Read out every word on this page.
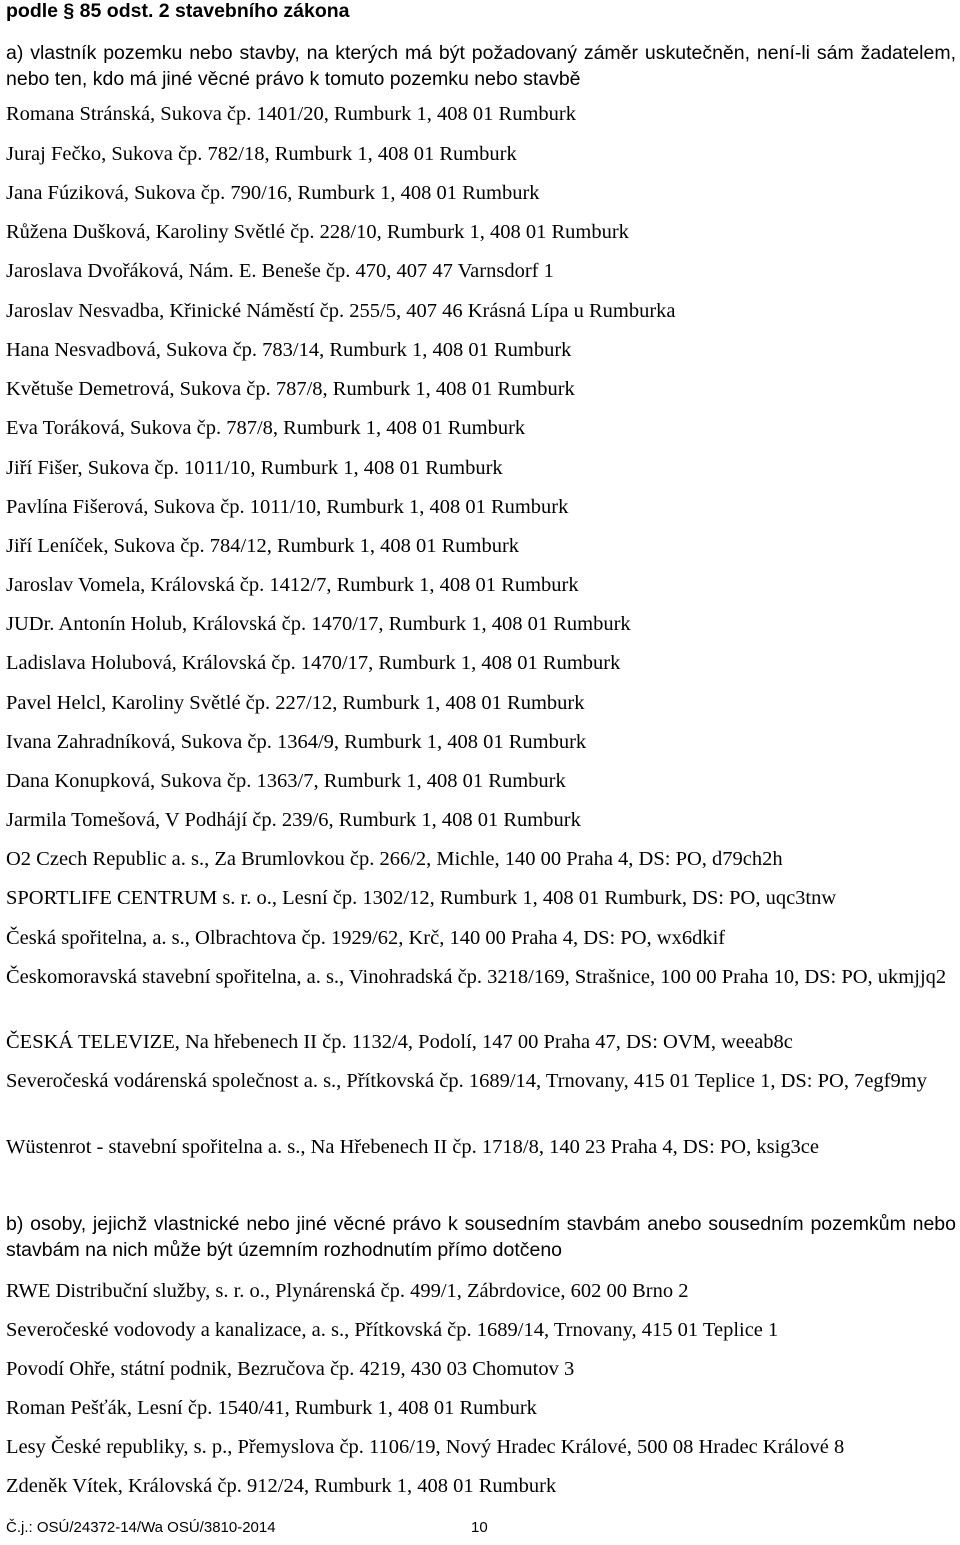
podle § 85 odst. 2 stavebního zákona
a) vlastník pozemku nebo stavby, na kterých má být požadovaný záměr uskutečněn, není-li sám žadatelem, nebo ten, kdo má jiné věcné právo k tomuto pozemku nebo stavbě
Romana Stránská, Sukova čp. 1401/20, Rumburk 1, 408 01 Rumburk
Juraj Fečko, Sukova čp. 782/18, Rumburk 1, 408 01 Rumburk
Jana Fúziková, Sukova čp. 790/16, Rumburk 1, 408 01 Rumburk
Růžena Dušková, Karoliny Světlé čp. 228/10, Rumburk 1, 408 01 Rumburk
Jaroslava Dvořáková, Nám. E. Beneše čp. 470, 407 47 Varnsdorf 1
Jaroslav Nesvadba, Křinické Náměstí čp. 255/5, 407 46 Krásná Lípa u Rumburka
Hana Nesvadbová, Sukova čp. 783/14, Rumburk 1, 408 01 Rumburk
Květuše Demetrová, Sukova čp. 787/8, Rumburk 1, 408 01 Rumburk
Eva Toráková, Sukova čp. 787/8, Rumburk 1, 408 01 Rumburk
Jiří Fišer, Sukova čp. 1011/10, Rumburk 1, 408 01 Rumburk
Pavlína Fišerová, Sukova čp. 1011/10, Rumburk 1, 408 01 Rumburk
Jiří Leníček, Sukova čp. 784/12, Rumburk 1, 408 01 Rumburk
Jaroslav Vomela, Královská čp. 1412/7, Rumburk 1, 408 01 Rumburk
JUDr. Antonín Holub, Královská čp. 1470/17, Rumburk 1, 408 01 Rumburk
Ladislava Holubová, Královská čp. 1470/17, Rumburk 1, 408 01 Rumburk
Pavel Helcl, Karoliny Světlé čp. 227/12, Rumburk 1, 408 01 Rumburk
Ivana Zahradníková, Sukova čp. 1364/9, Rumburk 1, 408 01 Rumburk
Dana Konupková, Sukova čp. 1363/7, Rumburk 1, 408 01 Rumburk
Jarmila Tomešová, V Podhájí čp. 239/6, Rumburk 1, 408 01 Rumburk
O2 Czech Republic a. s., Za Brumlovkou čp. 266/2, Michle, 140 00 Praha 4, DS: PO, d79ch2h
SPORTLIFE CENTRUM s. r. o., Lesní čp. 1302/12, Rumburk 1, 408 01 Rumburk, DS: PO, uqc3tnw
Česká spořitelna, a. s., Olbrachtova čp. 1929/62, Krč, 140 00 Praha 4, DS: PO, wx6dkif
Českomoravská stavební spořitelna, a. s., Vinohradská čp. 3218/169, Strašnice, 100 00 Praha 10, DS: PO, ukmjjq2
ČESKÁ TELEVIZE, Na hřebenech II čp. 1132/4, Podolí, 147 00 Praha 47, DS: OVM, weeab8c
Severočeská vodárenská společnost a. s., Přítkovská čp. 1689/14, Trnovany, 415 01 Teplice 1, DS: PO, 7egf9my
Wüstenrot - stavební spořitelna a. s., Na Hřebenech II čp. 1718/8, 140 23 Praha 4, DS: PO, ksig3ce
b) osoby, jejichž vlastnické nebo jiné věcné právo k sousedním stavbám anebo sousedním pozemkům nebo stavbám na nich může být územním rozhodnutím přímo dotčeno
RWE Distribuční služby, s. r. o., Plynárenská čp. 499/1, Zábrdovice, 602 00 Brno 2
Severočeské vodovody a kanalizace, a. s., Přítkovská čp. 1689/14, Trnovany, 415 01 Teplice 1
Povodí Ohře, státní podnik, Bezručova čp. 4219, 430 03 Chomutov 3
Roman Pešťák, Lesní čp. 1540/41, Rumburk 1, 408 01 Rumburk
Lesy České republiky, s. p., Přemyslova čp. 1106/19, Nový Hradec Králové, 500 08 Hradec Králové 8
Zdeněk Vítek, Královská čp. 912/24, Rumburk 1, 408 01 Rumburk
Č.j.: OSÚ/24372-14/Wa OSÚ/3810-2014	10
